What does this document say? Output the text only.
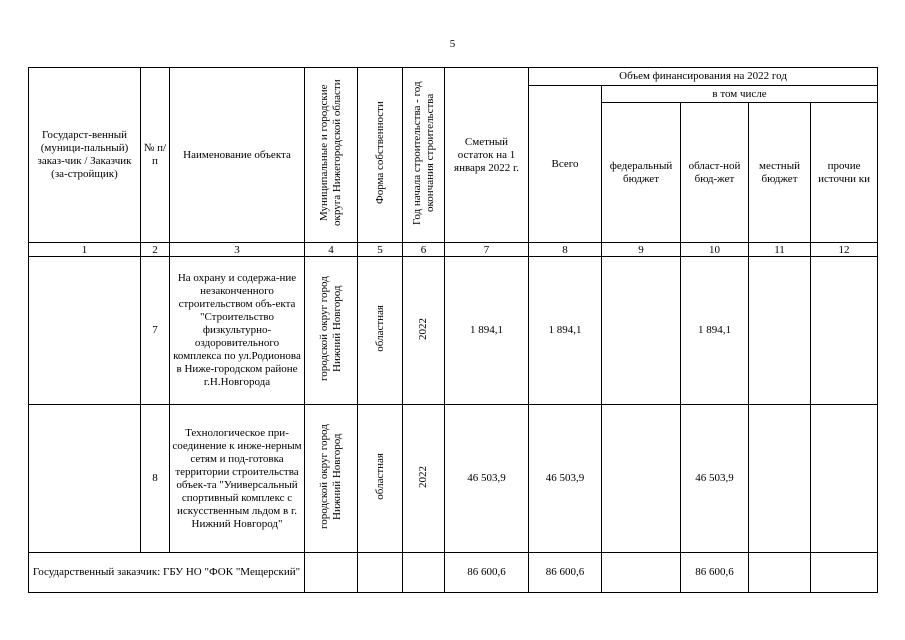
5
Государст-венный (муници-пальный) заказ-чик / Заказчик (за-стройщик)	№ п/п	Наименование объекта	Муниципальные и городские округа Нижегородской области	Форма собственности	Год начала строительства - год окончания строительства	Сметный остаток на 1 января 2022 г.	Объем финансирования на 2022 год				
							Всего	в том числе			
								федеральный бюджет	област-ной бюд-жет	местный бюджет	прочие источни ки
1	2	3	4	5	6	7	8	9	10	11	12
	7	На охрану и содержа-ние незаконченного строительством объ-екта "Строительство физкультурно-оздоровительного комплекса по ул.Родионова в Ниже-городском районе г.Н.Новгорода	городской округ город Нижний Новгород	областная	2022	1 894,1	1 894,1		1 894,1		
	8	Технологическое при-соединение к инже-нерным сетям и под-готовка территории строительства объек-та "Универсальный спортивный комплекс с искусственным льдом в г. Нижний Новгород"	городской округ город Нижний Новгород	областная	2022	46 503,9	46 503,9		46 503,9		
Государственный заказчик: ГБУ НО "ФОК "Мещерский"						86 600,6	86 600,6		86 600,6		
